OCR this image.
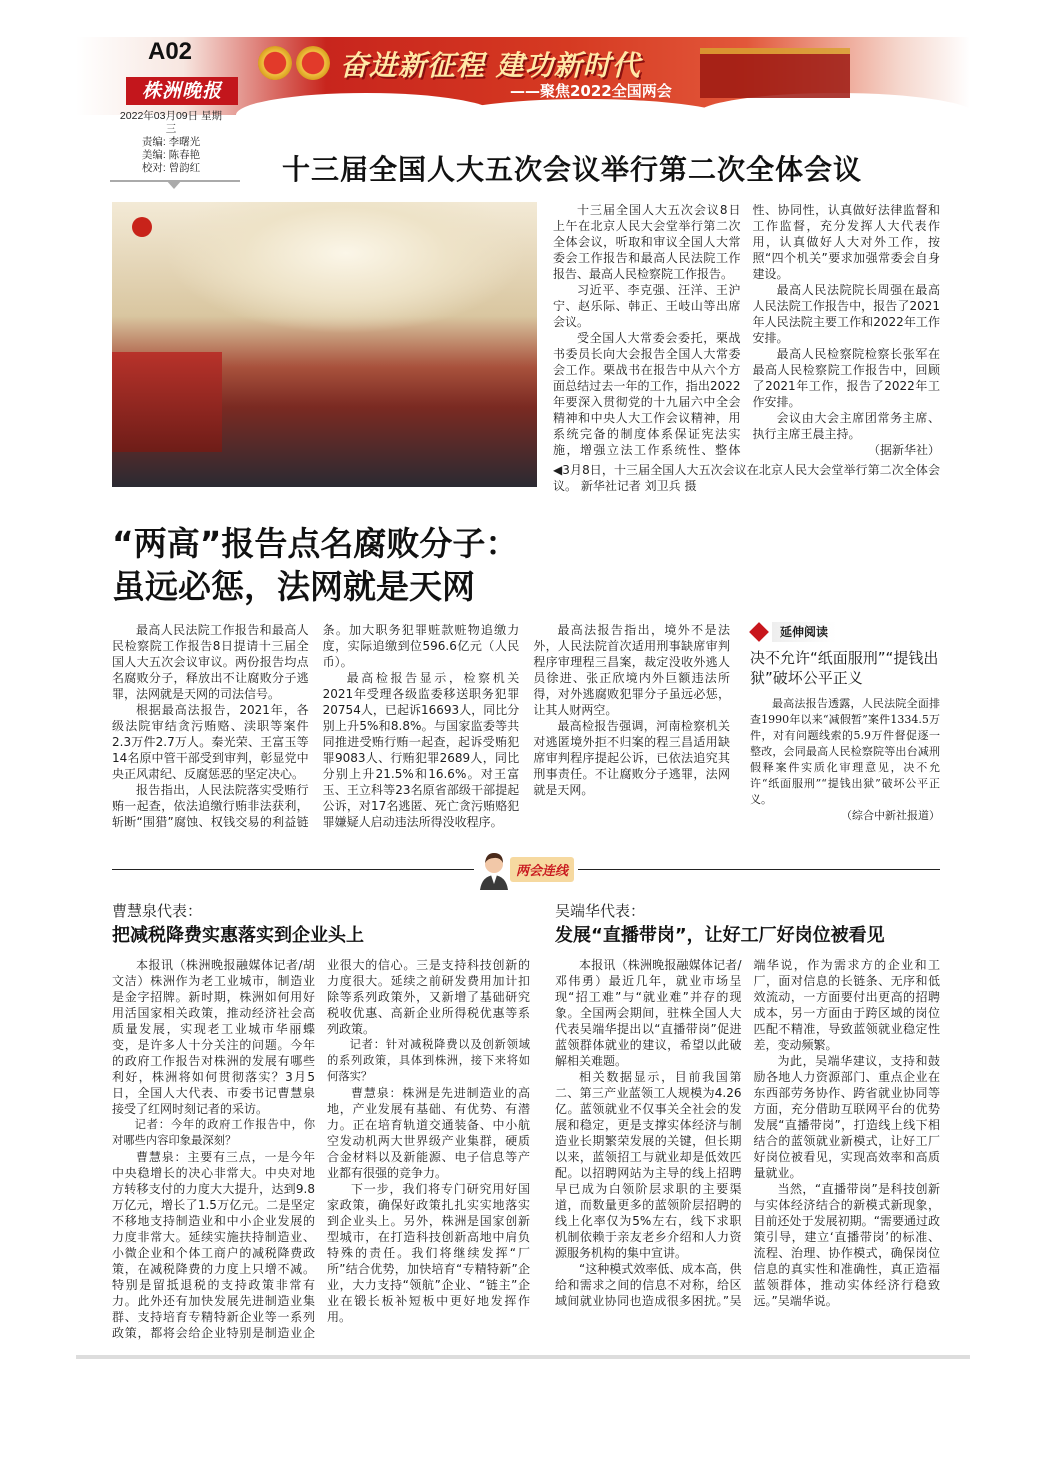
A02
株洲晚报
奋进新征程 建功新时代
——聚焦2022全国两会
2022年03月09日 星期三
责编: 李曙光
美编: 陈春艳
校对: 曾韵红	十三届全国人大五次会议举行第二次全体会议

十三届全国人大五次会议8日上午在北京人民大会堂举行第二次全体会议，听取和审议全国人大常委会工作报告和最高人民法院工作报告、最高人民检察院工作报告。

习近平、李克强、汪洋、王沪宁、赵乐际、韩正、王岐山等出席会议。

受全国人大常委会委托，栗战书委员长向大会报告全国人大常委会工作。栗战书在报告中从六个方面总结过去一年的工作，指出2022年要深入贯彻党的十九届六中全会精神和中央人大工作会议精神，用系统完备的制度体系保证宪法实施，增强立法工作系统性、整体性、协同性，认真做好法律监督和工作监督，充分发挥人大代表作用，认真做好人大对外工作，按照“四个机关”要求加强常委会自身建设。

最高人民法院院长周强在最高人民法院工作报告中，报告了2021年人民法院主要工作和2022年工作安排。

最高人民检察院检察长张军在最高人民检察院工作报告中，回顾了2021年工作，报告了2022年工作安排。

会议由大会主席团常务主席、执行主席王晨主持。

（据新华社）
◀3月8日，十三届全国人大五次会议在北京人民大会堂举行第二次全体会议。 新华社记者 刘卫兵 摄
“两高”报告点名腐败分子：
虽远必惩，法网就是天网

最高人民法院工作报告和最高人民检察院工作报告8日提请十三届全国人大五次会议审议。两份报告均点名腐败分子，释放出不让腐败分子逃罪，法网就是天网的司法信号。

根据最高法报告，2021年，各级法院审结贪污贿赂、渎职等案件2.3万件2.7万人。秦光荣、王富玉等14名原中管干部受到审判，彰显党中央正风肃纪、反腐惩恶的坚定决心。

报告指出，人民法院落实受贿行贿一起查，依法追缴行贿非法获利，斩断“围猎”腐蚀、权钱交易的利益链条。加大职务犯罪赃款赃物追缴力度，实际追缴到位596.6亿元（人民币）。

最高检报告显示，检察机关2021年受理各级监委移送职务犯罪20754人，已起诉16693人，同比分别上升5%和8.8%。与国家监委等共同推进受贿行贿一起查，起诉受贿犯罪9083人、行贿犯罪2689人，同比分别上升21.5%和16.6%。对王富玉、王立科等23名原省部级干部提起公诉，对17名逃匿、死亡贪污贿赂犯罪嫌疑人启动违法所得没收程序。

最高法报告指出，境外不是法外，人民法院首次适用刑事缺席审判程序审理程三昌案，裁定没收外逃人员徐进、张正欣境内外巨额违法所得，对外逃腐败犯罪分子虽远必惩，让其人财两空。

最高检报告强调，河南检察机关对逃匿境外拒不归案的程三昌适用缺席审判程序提起公诉，已依法追究其刑事责任。不让腐败分子逃罪，法网就是天网。

延伸阅读
决不允许“纸面服刑”“提钱出狱”破坏公平正义

最高法报告透露，人民法院全面排查1990年以来“减假暂”案件1334.5万件，对有问题线索的5.9万件督促逐一整改，会同最高人民检察院等出台减刑假释案件实质化审理意见，决不允许“纸面服刑”“提钱出狱”破坏公平正义。

（综合中新社报道）
两会连线
曹慧泉代表：
把减税降费实惠落实到企业头上

本报讯（株洲晚报融媒体记者/胡文洁）株洲作为老工业城市，制造业是金字招牌。新时期，株洲如何用好用活国家相关政策，推动经济社会高质量发展，实现老工业城市华丽蝶变，是许多人十分关注的问题。今年的政府工作报告对株洲的发展有哪些利好，株洲将如何贯彻落实？3月5日，全国人大代表、市委书记曹慧泉接受了红网时刻记者的采访。

记者：今年的政府工作报告中，你对哪些内容印象最深刻？

曹慧泉：主要有三点，一是今年中央稳增长的决心非常大。中央对地方转移支付的力度大大提升，达到9.8万亿元，增长了1.5万亿元。二是坚定不移地支持制造业和中小企业发展的力度非常大。延续实施扶持制造业、小微企业和个体工商户的减税降费政策，在减税降费的力度上只增不减。特别是留抵退税的支持政策非常有力。此外还有加快发展先进制造业集群、支持培育专精特新企业等一系列政策，都将会给企业特别是制造业企业很大的信心。三是支持科技创新的力度很大。延续之前研发费用加计扣除等系列政策外，又新增了基础研究税收优惠、高新企业所得税优惠等系列政策。

记者：针对减税降费以及创新领域的系列政策，具体到株洲，接下来将如何落实？

曹慧泉：株洲是先进制造业的高地，产业发展有基础、有优势、有潜力。正在培育轨道交通装备、中小航空发动机两大世界级产业集群，硬质合金材料以及新能源、电子信息等产业都有很强的竞争力。

下一步，我们将专门研究用好国家政策，确保好政策扎扎实实地落实到企业头上。另外，株洲是国家创新型城市，在打造科技创新高地中肩负特殊的责任。我们将继续发挥“厂所”结合优势，加快培育“专精特新”企业，大力支持“领航”企业、“链主”企业在锻长板补短板中更好地发挥作用。

吴端华代表：
发展“直播带岗”，让好工厂好岗位被看见

本报讯（株洲晚报融媒体记者/邓伟勇）最近几年，就业市场呈现“招工难”与“就业难”并存的现象。全国两会期间，驻株全国人大代表吴端华提出以“直播带岗”促进蓝领群体就业的建议，希望以此破解相关难题。

相关数据显示，目前我国第二、第三产业蓝领工人规模为4.26亿。蓝领就业不仅事关全社会的发展和稳定，更是支撑实体经济与制造业长期繁荣发展的关键，但长期以来，蓝领招工与就业却是低效匹配。以招聘网站为主导的线上招聘早已成为白领阶层求职的主要渠道，而数量更多的蓝领阶层招聘的线上化率仅为5%左右，线下求职机制依赖于亲友老乡介绍和人力资源服务机构的集中宣讲。

“这种模式效率低、成本高，供给和需求之间的信息不对称，给区域间就业协同也造成很多困扰。”吴端华说，作为需求方的企业和工厂，面对信息的长链条、无序和低效流动，一方面要付出更高的招聘成本，另一方面由于跨区域的岗位匹配不精准，导致蓝领就业稳定性差，变动频繁。

为此，吴端华建议，支持和鼓励各地人力资源部门、重点企业在东西部劳务协作、跨省就业协同等方面，充分借助互联网平台的优势发展“直播带岗”，打造线上线下相结合的蓝领就业新模式，让好工厂好岗位被看见，实现高效率和高质量就业。

当然，“直播带岗”是科技创新与实体经济结合的新模式新现象，目前还处于发展初期。“需要通过政策引导，建立‘直播带岗’的标准、流程、治理、协作模式，确保岗位信息的真实性和准确性，真正造福蓝领群体，推动实体经济行稳致远。”吴端华说。
